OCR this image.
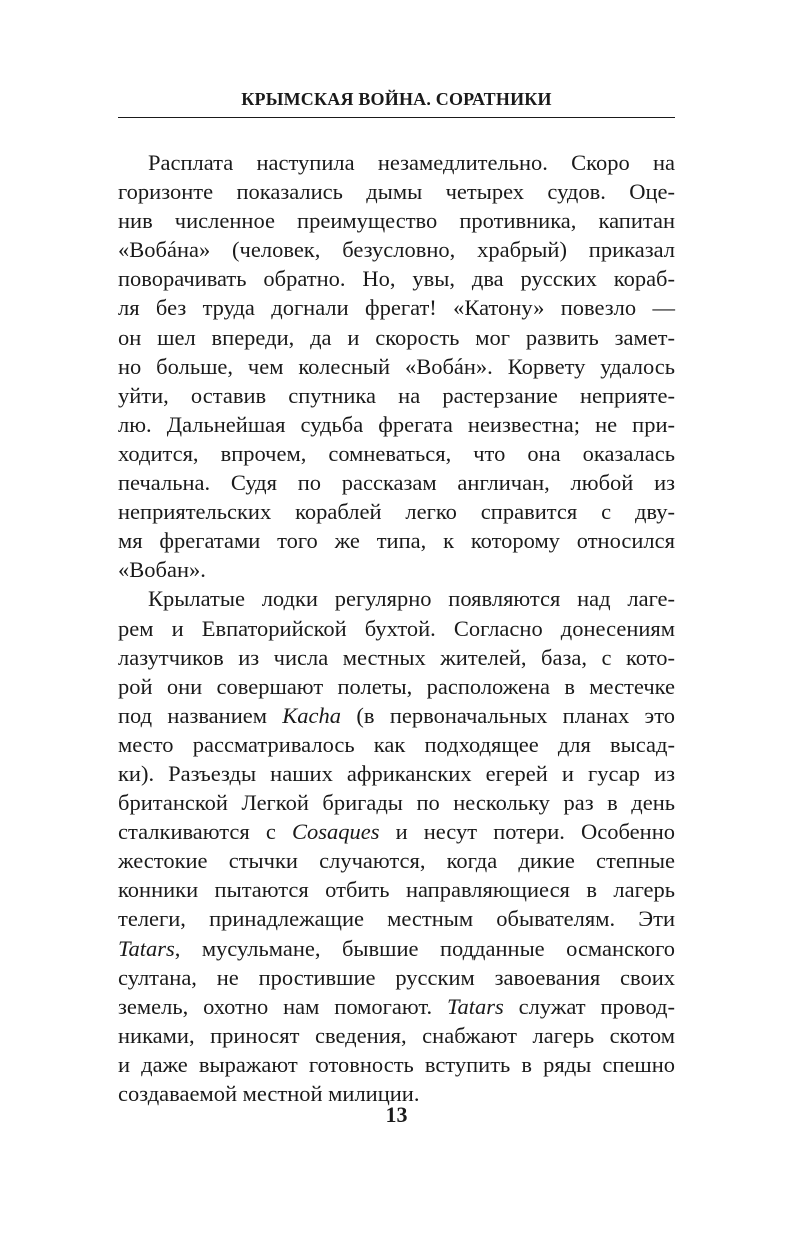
КРЫМСКАЯ ВОЙНА. СОРАТНИКИ
Расплата наступила незамедлительно. Скоро на
горизонте показались дымы четырех судов. Оце-
нив численное преимущество противника, капитан
«Вобáна» (человек, безусловно, храбрый) приказал
поворачивать обратно. Но, увы, два русских кораб-
ля без труда догнали фрегат! «Катону» повезло —
он шел впереди, да и скорость мог развить замет-
но больше, чем колесный «Вобáн». Корвету удалось
уйти, оставив спутника на растерзание неприяте-
лю. Дальнейшая судьба фрегата неизвестна; не при-
ходится, впрочем, сомневаться, что она оказалась
печальна. Судя по рассказам англичан, любой из
неприятельских кораблей легко справится с дву-
мя фрегатами того же типа, к которому относился
«Вобан».
Крылатые лодки регулярно появляются над лаге-
рем и Евпаторийской бухтой. Согласно донесениям
лазутчиков из числа местных жителей, база, с кото-
рой они совершают полеты, расположена в местечке
под названием Kacha (в первоначальных планах это
место рассматривалось как подходящее для высад-
ки). Разъезды наших африканских егерей и гусар из
британской Легкой бригады по нескольку раз в день
сталкиваются с Cosaques и несут потери. Особенно
жестокие стычки случаются, когда дикие степные
конники пытаются отбить направляющиеся в лагерь
телеги, принадлежащие местным обывателям. Эти
Tatars, мусульмане, бывшие подданные османского
султана, не простившие русским завоевания своих
земель, охотно нам помогают. Tatars служат провод-
никами, приносят сведения, снабжают лагерь скотом
и даже выражают готовность вступить в ряды спешно
создаваемой местной милиции.
13
